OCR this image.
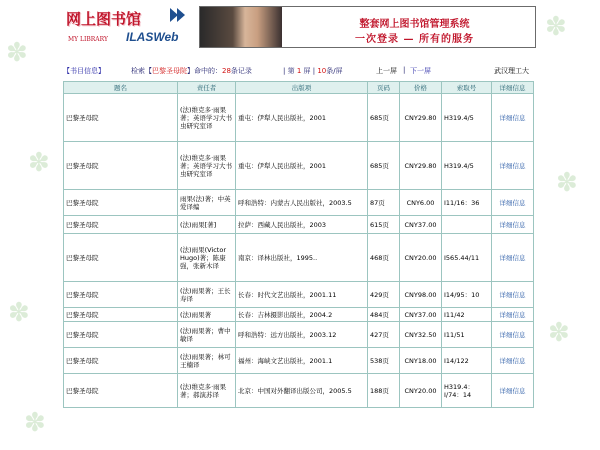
✽
✽
✽
✽
✽
✽
✽
网上图书馆
MY LIBRARY ILASWeb
整套网上图书馆管理系统
一次登录 — 所有的服务
【书目信息】	检索【巴黎圣母院】命中的：28条记录	| 第 1 屏 | 10条/屏	上一屏 | 下一屏	武汉理工大
题名	责任者	出版项	页码	价格	索取号	详细信息
巴黎圣母院	(法)维克多·雨果著；英语学习大书虫研究室译	重屯：伊犁人民出版社，2001	685页	CNY29.80	H319.4/5	详细信息
巴黎圣母院	(法)维克多·雨果著；英语学习大书虫研究室译	重屯：伊犁人民出版社，2001	685页	CNY29.80	H319.4/5	详细信息
巴黎圣母院	雨果(法)著；中英爱译编	呼和浩特：内蒙古人民出版社，2003.5	87页	CNY6.00	I11/16：36	详细信息
巴黎圣母院	(法)雨果[著]	拉萨：西藏人民出版社，2003	615页	CNY37.00		详细信息
巴黎圣母院	(法)雨果(Victor Hugo)著；陈康强，张新木译	南京：译林出版社，1995..	468页	CNY20.00	I565.44/11	详细信息
巴黎圣母院	(法)雨果著；王长寿译	长春：时代文艺出版社，2001.11	429页	CNY98.00	I14/95：10	详细信息
巴黎圣母院	(法)雨果著	长春：吉林摄影出版社，2004.2	484页	CNY37.00	I11/42	详细信息
巴黎圣母院	(法)雨果著；曹中敏译	呼和浩特：远方出版社，2003.12	427页	CNY32.50	I11/51	详细信息
巴黎圣母院	(法)雨果著；林可 王楠译	福州：海峡文艺出版社，2001.1	538页	CNY18.00	I14/122	详细信息
巴黎圣母院	(法)维克多·雨果著；郝演苏译	北京：中国对外翻译出版公司，2005.5	188页	CNY20.00	H319.4：I/74：14	详细信息
